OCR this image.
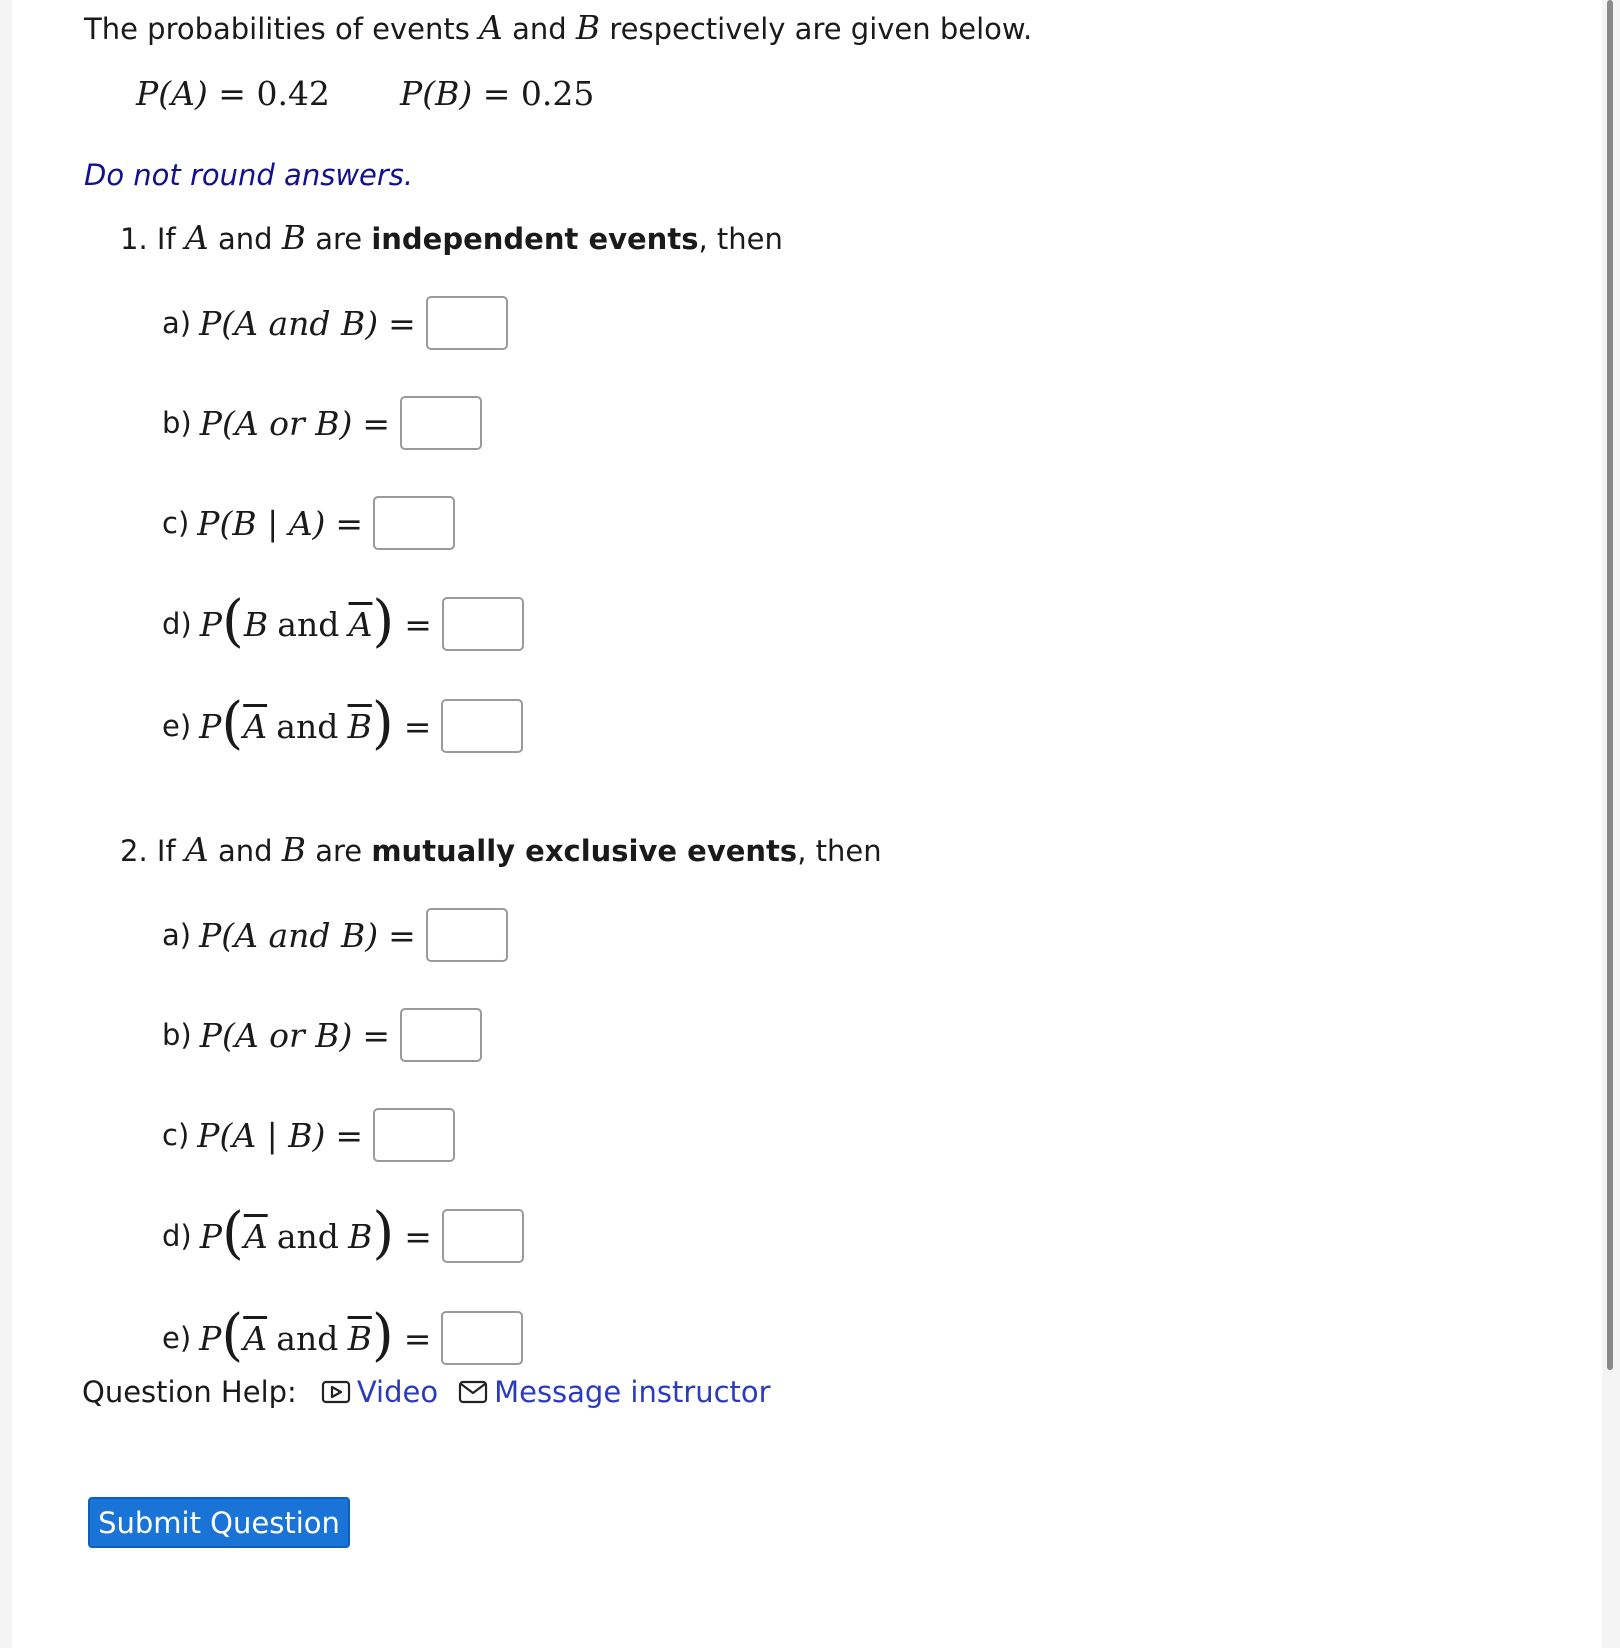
The probabilities of events A and B respectively are given below.
P(A) = 0.42 P(B) = 0.25
Do not round answers.
1. If A and B are independent events, then
a) P(A and B) =
b) P(A or B) =
c) P(B | A) =
d) P ( B
and
$\overline{A}$ ) =
e) P ( $\overline{A}$
and
$\overline{B}$ ) =
2. If A and B are mutually exclusive events, then
a) P(A and B) =
b) P(A or B) =
c) P(A | B) =
d) P ( $\overline{A}$
and
B ) =
e) P ( $\overline{A}$
and
$\overline{B}$ ) =
Question Help: Video Message instructor
Submit Question
